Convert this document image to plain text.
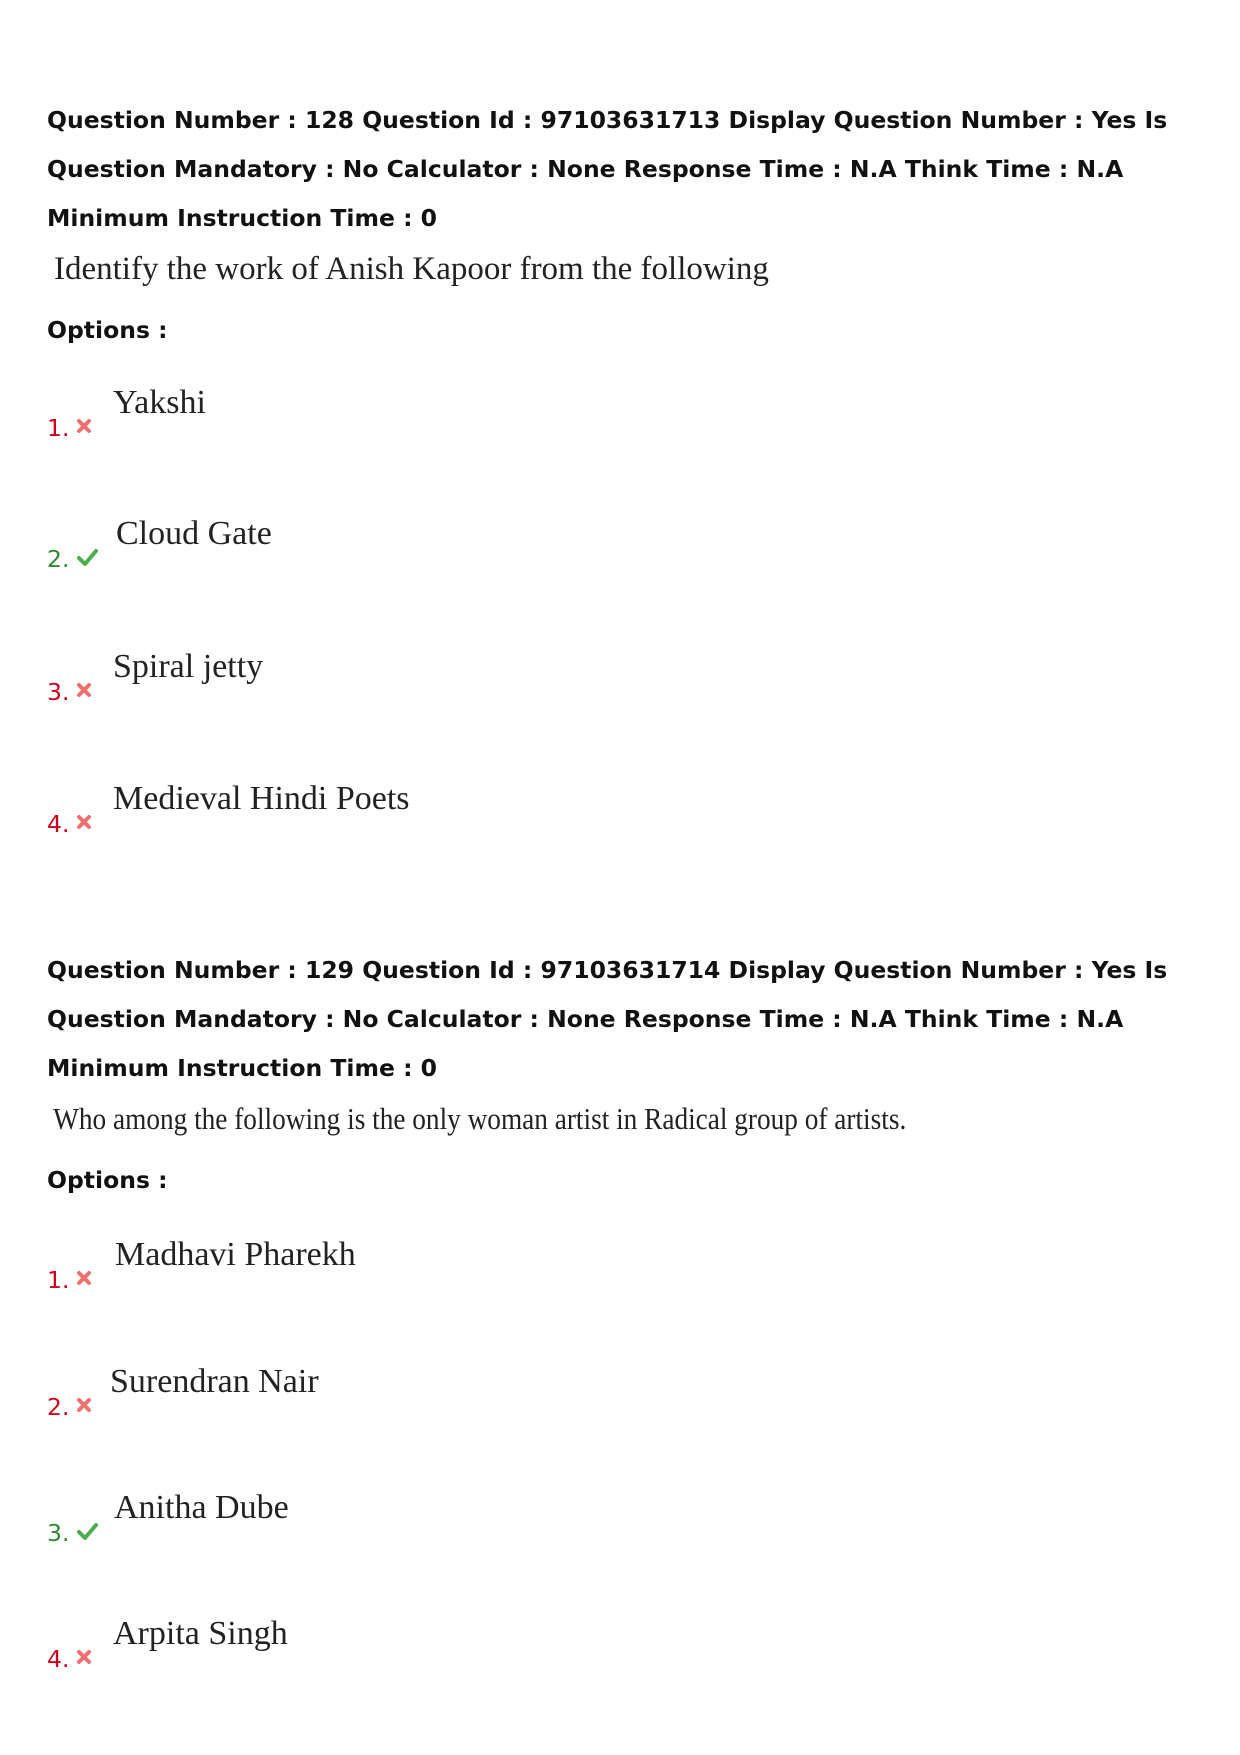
Question Number : 128 Question Id : 97103631713 Display Question Number : Yes Is Question Mandatory : No Calculator : None Response Time : N.A Think Time : N.A Minimum Instruction Time : 0

Identify the work of Anish Kapoor from the following

Options :
1.
Yakshi
2.
Cloud Gate
3.
Spiral jetty
4.
Medieval Hindi Poets

Question Number : 129 Question Id : 97103631714 Display Question Number : Yes Is Question Mandatory : No Calculator : None Response Time : N.A Think Time : N.A Minimum Instruction Time : 0

Who among the following is the only woman artist in Radical group of artists.

Options :
1.
Madhavi Pharekh
2.
Surendran Nair
3.
Anitha Dube
4.
Arpita Singh
